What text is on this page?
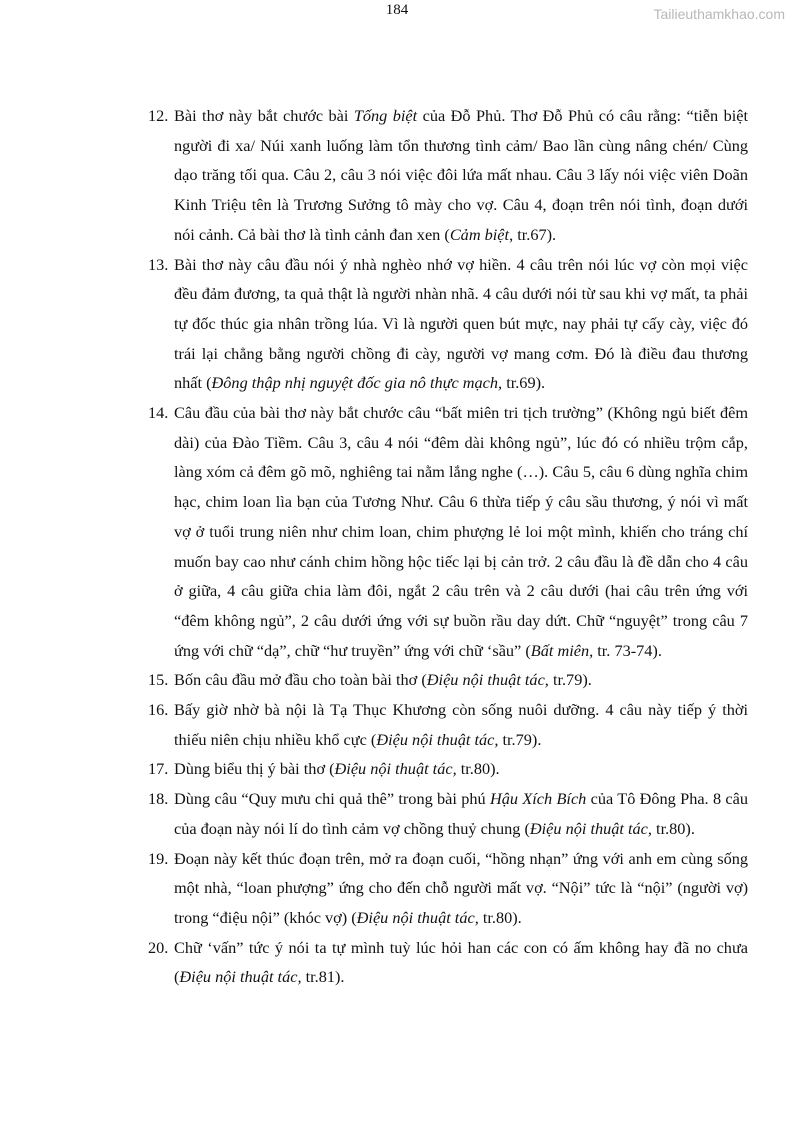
184	Tailieuthamkhao.com
12. Bài thơ này bắt chước bài Tống biệt của Đỗ Phủ. Thơ Đỗ Phủ có câu rằng: “tiễn biệt người đi xa/ Núi xanh luống làm tổn thương tình cảm/ Bao lần cùng nâng chén/ Cùng dạo trăng tối qua. Câu 2, câu 3 nói việc đôi lứa mất nhau. Câu 3 lấy nói việc viên Doãn Kinh Triệu tên là Trương Sưởng tô mày cho vợ. Câu 4, đoạn trên nói tình, đoạn dưới nói cảnh. Cả bài thơ là tình cảnh đan xen (Cảm biệt, tr.67).
13. Bài thơ này câu đầu nói ý nhà nghèo nhớ vợ hiền. 4 câu trên nói lúc vợ còn mọi việc đều đảm đương, ta quả thật là người nhàn nhã. 4 câu dưới nói từ sau khi vợ mất, ta phải tự đốc thúc gia nhân trồng lúa. Vì là người quen bút mực, nay phải tự cấy cày, việc đó trái lại chẳng bằng người chồng đi cày, người vợ mang cơm. Đó là điều đau thương nhất (Đông thập nhị nguyệt đốc gia nô thực mạch, tr.69).
14. Câu đầu của bài thơ này bắt chước câu “bất miên tri tịch trường” (Không ngủ biết đêm dài) của Đào Tiềm. Câu 3, câu 4 nói “đêm dài không ngủ”, lúc đó có nhiều trộm cắp, làng xóm cả đêm gõ mõ, nghiêng tai nằm lắng nghe (…). Câu 5, câu 6 dùng nghĩa chim hạc, chim loan lìa bạn của Tương Như. Câu 6 thừa tiếp ý câu sầu thương, ý nói vì mất vợ ở tuổi trung niên như chim loan, chim phượng lẻ loi một mình, khiến cho tráng chí muốn bay cao như cánh chim hồng hộc tiếc lại bị cản trở. 2 câu đầu là đề dẫn cho 4 câu ở giữa, 4 câu giữa chia làm đôi, ngắt 2 câu trên và 2 câu dưới (hai câu trên ứng với “đêm không ngủ”, 2 câu dưới ứng với sự buồn rầu day dứt. Chữ “nguyệt” trong câu 7 ứng với chữ “dạ”, chữ “hư truyền” ứng với chữ ‘sầu” (Bất miên, tr. 73-74).
15. Bốn câu đầu mở đầu cho toàn bài thơ (Điệu nội thuật tác, tr.79).
16. Bấy giờ nhờ bà nội là Tạ Thục Khương còn sống nuôi dưỡng. 4 câu này tiếp ý thời thiếu niên chịu nhiều khổ cực (Điệu nội thuật tác, tr.79).
17. Dùng biểu thị ý bài thơ (Điệu nội thuật tác, tr.80).
18. Dùng câu “Quy mưu chi quả thê” trong bài phú Hậu Xích Bích của Tô Đông Pha. 8 câu của đoạn này nói lí do tình cảm vợ chồng thuỷ chung (Điệu nội thuật tác, tr.80).
19. Đoạn này kết thúc đoạn trên, mở ra đoạn cuối, “hồng nhạn” ứng với anh em cùng sống một nhà, “loan phượng” ứng cho đến chỗ người mất vợ. “Nội” tức là “nội” (người vợ) trong “điệu nội” (khóc vợ) (Điệu nội thuật tác, tr.80).
20. Chữ ‘vấn” tức ý nói ta tự mình tuỳ lúc hỏi han các con có ấm không hay đã no chưa (Điệu nội thuật tác, tr.81).
